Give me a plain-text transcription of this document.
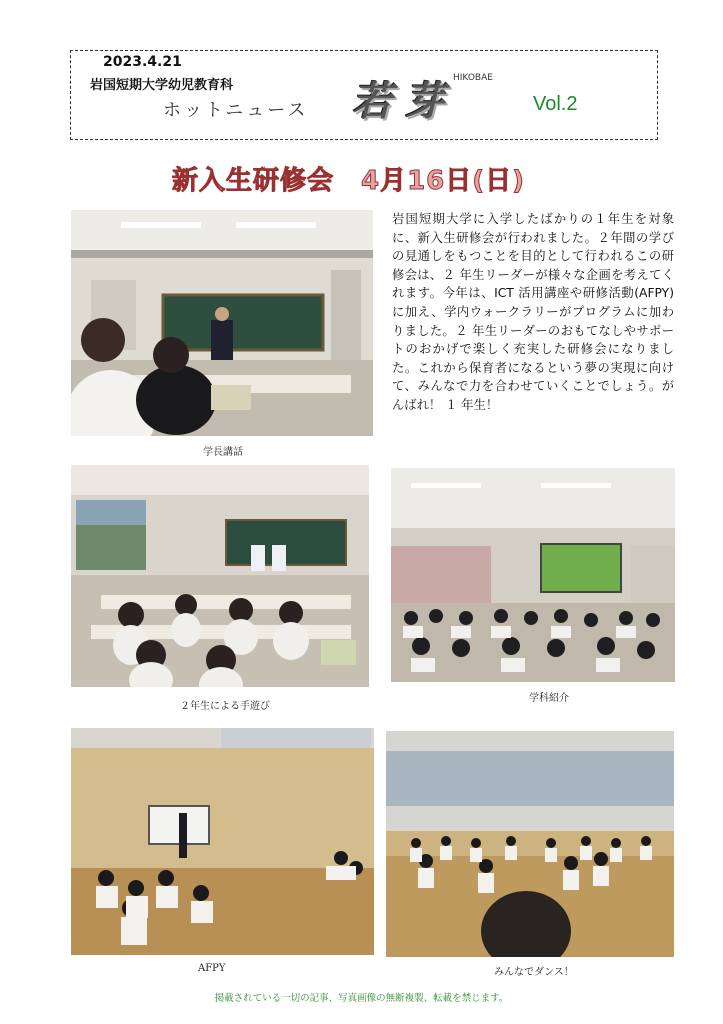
2023.4.21
岩国短期大学幼児教育科
ホットニュース 若芽
HIKOBAE
Vol.2
新入生研修会　4月16日(日)
学長講話
岩国短期大学に入学したばかりの１年生を対象に、新入生研修会が行われました。２年間の学びの見通しをもつことを目的として行われるこの研修会は、２ 年生リーダーが様々な企画を考えてくれます。今年は、ICT 活用講座や研修活動(AFPY)に加え、学内ウォークラリーがプログラムに加わりました。２ 年生リーダーのおもてなしやサポートのおかげで楽しく充実した研修会になりました。これから保育者になるという夢の実現に向けて、みんなで力を合わせていくことでしょう。がんばれ！ １ 年生！
２年生による手遊び
学科紹介
AFPY	みんなでダンス！
掲載されている一切の記事、写真画像の無断複製、転載を禁じます。
